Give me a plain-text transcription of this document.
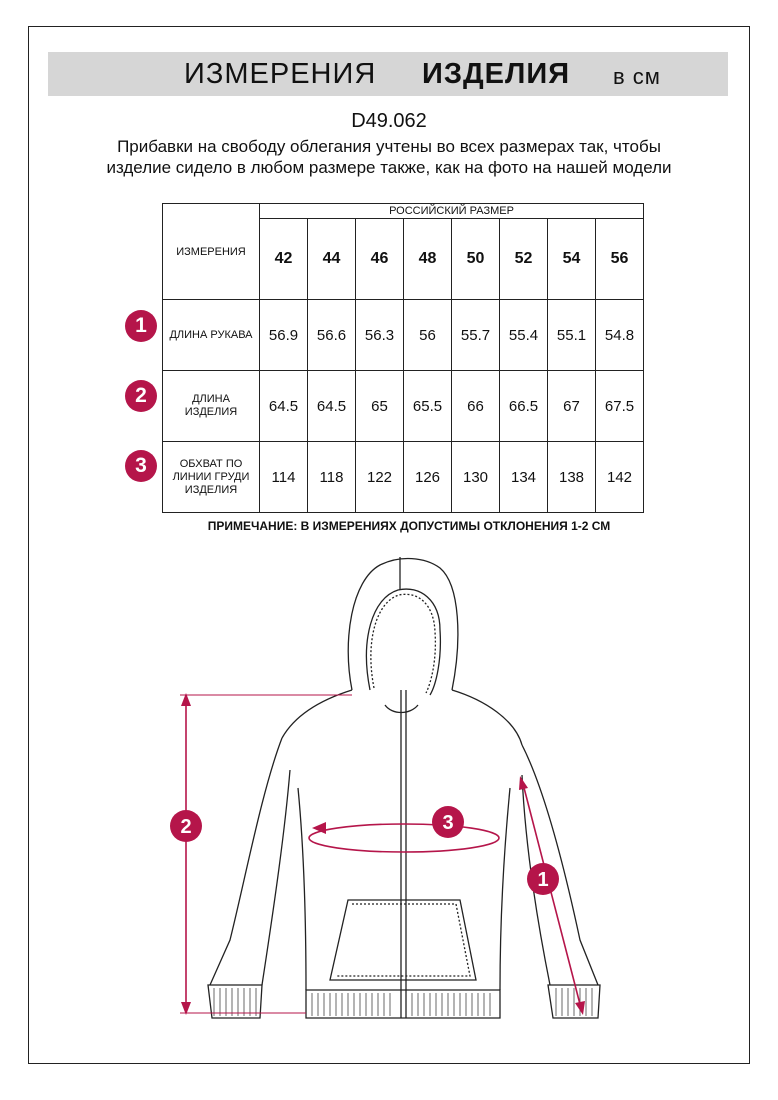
ИЗМЕРЕНИЯ ИЗДЕЛИЯ в см
D49.062
Прибавки на свободу облегания учтены во всех размерах так, чтобы изделие сидело в любом размере также, как на фото на нашей модели
ИЗМЕРЕНИЯ	РОССИЙСКИЙ РАЗМЕР							
	42	44	46	48	50	52	54	56
ДЛИНА РУКАВА	56.9	56.6	56.3	56	55.7	55.4	55.1	54.8
ДЛИНА ИЗДЕЛИЯ	64.5	64.5	65	65.5	66	66.5	67	67.5
ОБХВАТ ПО ЛИНИИ ГРУДИ ИЗДЕЛИЯ	114	118	122	126	130	134	138	142
1
2
3
ПРИМЕЧАНИЕ: В ИЗМЕРЕНИЯХ ДОПУСТИМЫ ОТКЛОНЕНИЯ 1-2 СМ
2	3
1
